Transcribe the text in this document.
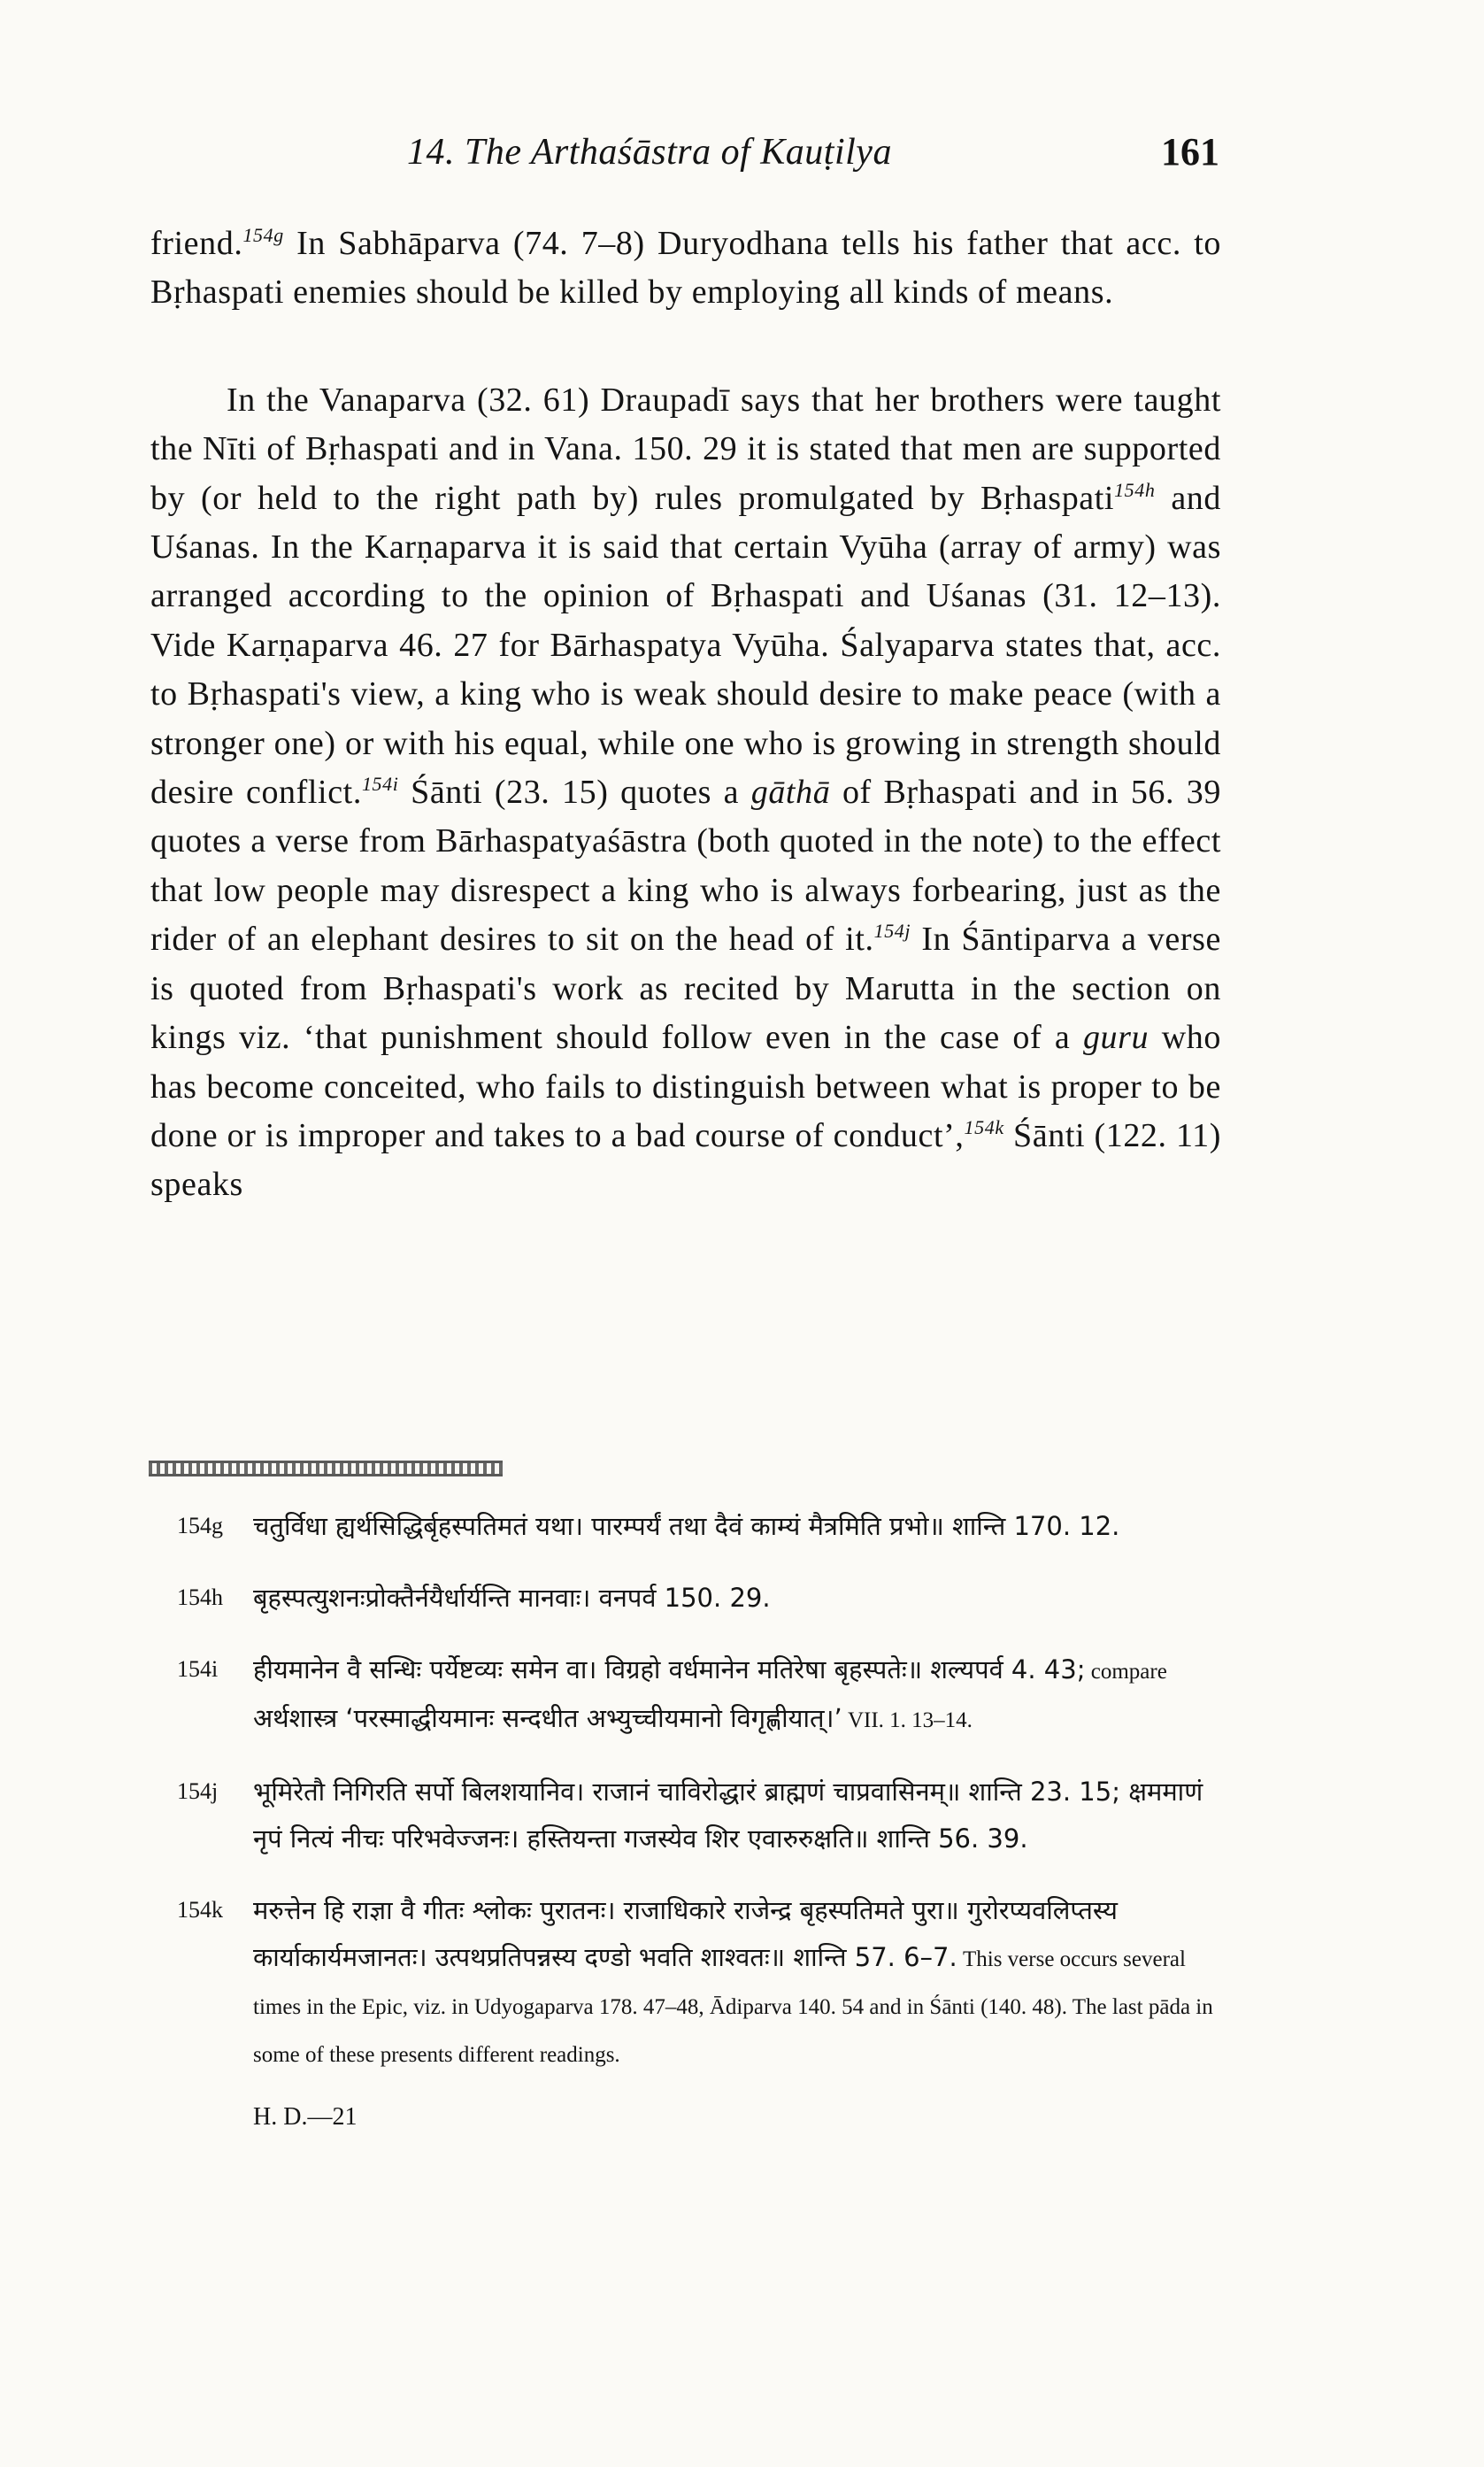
14. The Arthaśāstra of Kauṭilya	161

friend.$^{154g}$ In Sabhāparva (74. 7–8) Duryodhana tells his father that acc. to Bṛhaspati enemies should be killed by employing all kinds of means.

In the Vanaparva (32. 61) Draupadī says that her brothers were taught the Nīti of Bṛhaspati and in Vana. 150. 29 it is stated that men are supported by (or held to the right path by) rules promulgated by Bṛhaspati$^{154h}$ and Uśanas. In the Karṇaparva it is said that certain Vyūha (array of army) was arranged according to the opinion of Bṛhaspati and Uśanas (31. 12–13). Vide Karṇaparva 46. 27 for Bārhaspatya Vyūha. Śalyaparva states that, acc. to Bṛhaspati's view, a king who is weak should desire to make peace (with a stronger one) or with his equal, while one who is growing in strength should desire conflict.$^{154i}$ Śānti (23. 15) quotes a gāthā of Bṛhaspati and in 56. 39 quotes a verse from Bārhaspatyaśāstra (both quoted in the note) to the effect that low people may disrespect a king who is always forbearing, just as the rider of an elephant desires to sit on the head of it.$^{154j}$ In Śāntiparva a verse is quoted from Bṛhaspati's work as recited by Marutta in the section on kings viz. ‘that punishment should follow even in the case of a guru who has become conceited, who fails to distinguish between what is proper to be done or is improper and takes to a bad course of conduct’,$^{154k}$ Śānti (122. 11) speaks

154g चतुर्विधा ह्यर्थसिद्धिर्बृहस्पतिमतं यथा। पारम्पर्यं तथा दैवं काम्यं मैत्रमिति प्रभो॥ शान्ति 170. 12.
154h बृहस्पत्युशनःप्रोक्तैर्नयैर्धार्यन्ति मानवाः। वनपर्व 150. 29.
154i हीयमानेन वै सन्धिः पर्येष्टव्यः समेन वा। विग्रहो वर्धमानेन मतिरेषा बृहस्पतेः॥ शल्यपर्व 4. 43; compare अर्थशास्त्र ‘परस्माद्धीयमानः सन्दधीत अभ्युच्चीयमानो विगृह्णीयात्।’ VII. 1. 13–14.
154j भूमिरेतौ निगिरति सर्पो बिलशयानिव। राजानं चाविरोद्धारं ब्राह्मणं चाप्रवासिनम्॥ शान्ति 23. 15; क्षममाणं नृपं नित्यं नीचः परिभवेज्जनः। हस्तियन्ता गजस्येव शिर एवारुरुक्षति॥ शान्ति 56. 39.
154k मरुत्तेन हि राज्ञा वै गीतः श्लोकः पुरातनः। राजाधिकारे राजेन्द्र बृहस्पतिमते पुरा॥ गुरोरप्यवलिप्तस्य कार्याकार्यमजानतः। उत्पथप्रतिपन्नस्य दण्डो भवति शाश्वतः॥ शान्ति 57. 6–7. This verse occurs several times in the Epic, viz. in Udyogaparva 178. 47–48, Ādiparva 140. 54 and in Śānti (140. 48). The last pāda in some of these presents different readings.
H. D.—21
